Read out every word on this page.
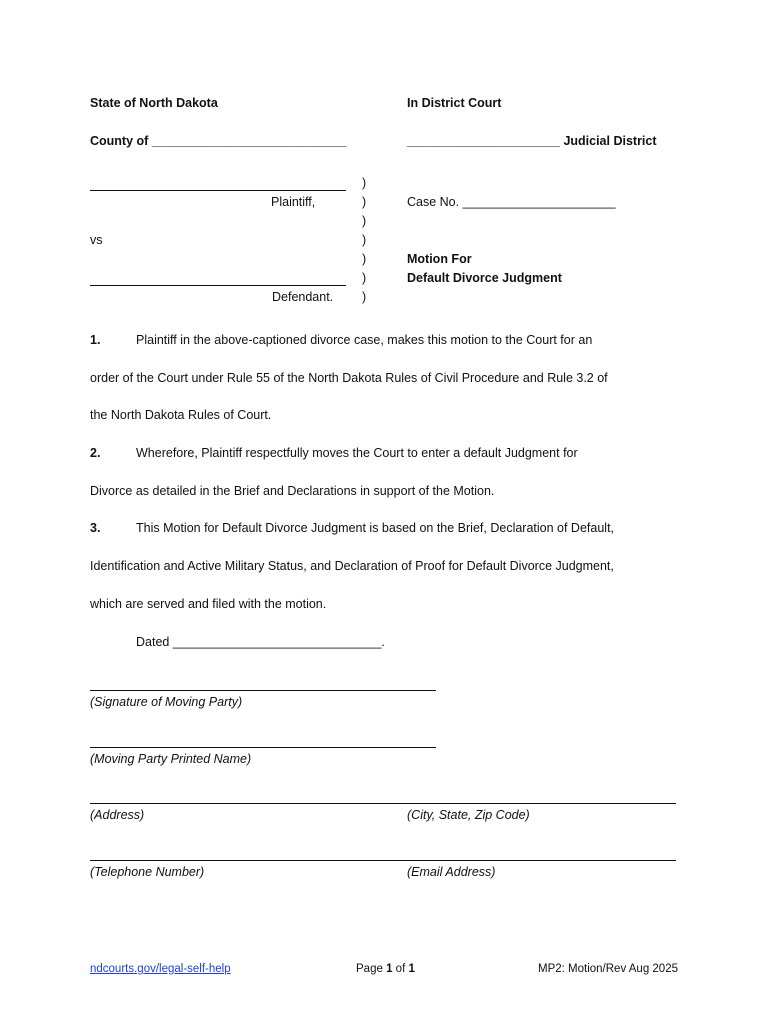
State of North Dakota	In District Court
County of ____________________________	______________________ Judicial District
Plaintiff,
vs
Defendant.
)
)
)
)
)
)
)
Case No. ______________________
Motion For
Default Divorce Judgment
1.	Plaintiff in the above-captioned divorce case, makes this motion to the Court for an
order of the Court under Rule 55 of the North Dakota Rules of Civil Procedure and Rule 3.2 of
the North Dakota Rules of Court.
2.	Wherefore, Plaintiff respectfully moves the Court to enter a default Judgment for
Divorce as detailed in the Brief and Declarations in support of the Motion.
3.	This Motion for Default Divorce Judgment is based on the Brief, Declaration of Default,
Identification and Active Military Status, and Declaration of Proof for Default Divorce Judgment,
which are served and filed with the motion.
Dated ______________________________.
(Signature of Moving Party)
(Moving Party Printed Name)
(Address)	(City, State, Zip Code)
(Telephone Number)	(Email Address)
ndcourts.gov/legal-self-help	Page 1 of 1	MP2: Motion/Rev Aug 2025
